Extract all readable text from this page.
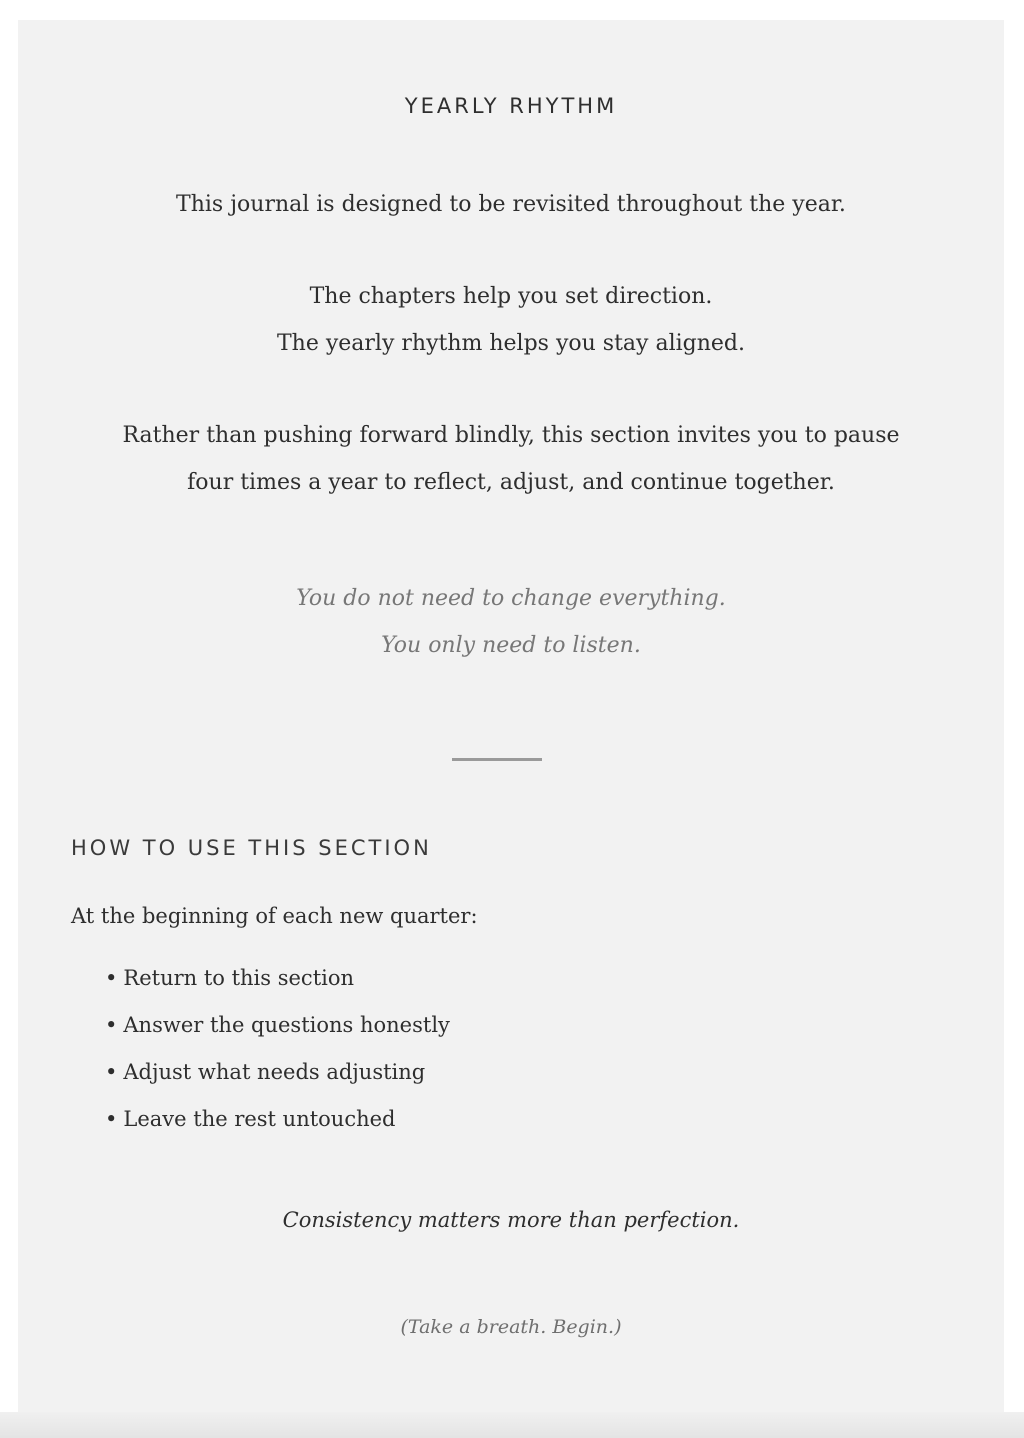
YEARLY RHYTHM
This journal is designed to be revisited throughout the year.
The chapters help you set direction.
The yearly rhythm helps you stay aligned.
Rather than pushing forward blindly, this section invites you to pause
four times a year to reflect, adjust, and continue together.
You do not need to change everything.
You only need to listen.
HOW TO USE THIS SECTION
At the beginning of each new quarter:
• Return to this section
• Answer the questions honestly
• Adjust what needs adjusting
• Leave the rest untouched
Consistency matters more than perfection.
(Take a breath. Begin.)
